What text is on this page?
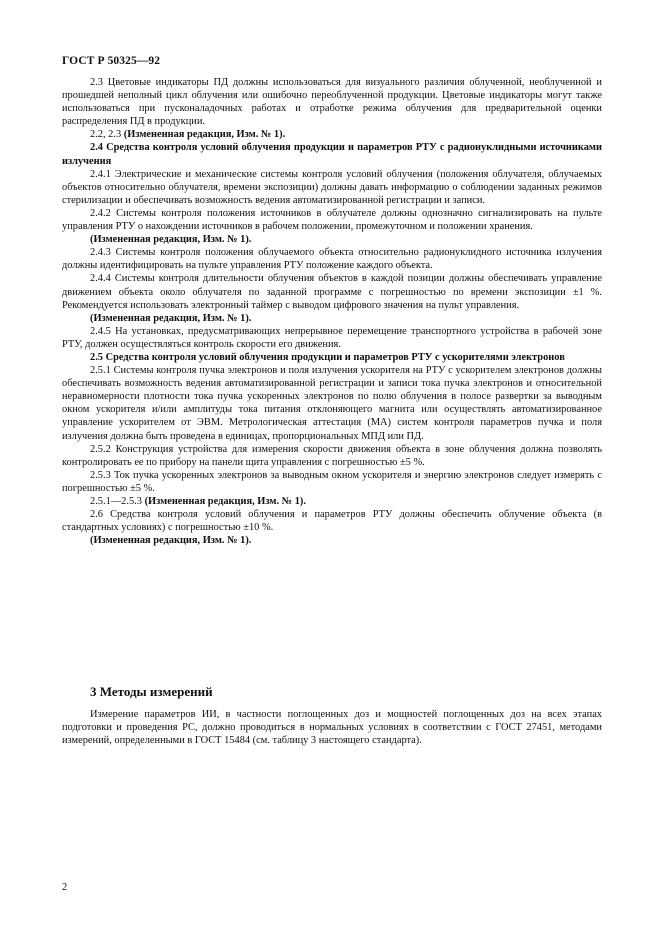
ГОСТ Р 50325—92

2.3 Цветовые индикаторы ПД должны использоваться для визуального различия облученной, необлученной и прошедшей неполный цикл облучения или ошибочно переоблученной продукции. Цветовые индикаторы могут также использоваться при пусконаладочных работах и отработке режима облучения для предварительной оценки распределения ПД в продукции.

2.2, 2.3 (Измененная редакция, Изм. № 1).

2.4 Средства контроля условий облучения продукции и параметров РТУ с радионуклидными источниками излучения

2.4.1 Электрические и механические системы контроля условий облучения (положения облучателя, облучаемых объектов относительно облучателя, времени экспозиции) должны давать информацию о соблюдении заданных режимов стерилизации и обеспечивать возможность ведения автоматизированной регистрации и записи.

2.4.2 Системы контроля положения источников в облучателе должны однозначно сигнализировать на пульте управления РТУ о нахождении источников в рабочем положении, промежуточном и положении хранения.

(Измененная редакция, Изм. № 1).

2.4.3 Системы контроля положения облучаемого объекта относительно радионуклидного источника излучения должны идентифицировать на пульте управления РТУ положение каждого объекта.

2.4.4 Системы контроля длительности облучения объектов в каждой позиции должны обеспечивать управление движением объекта около облучателя по заданной программе с погрешностью по времени экспозиции ±1 %. Рекомендуется использовать электронный таймер с выводом цифрового значения на пульт управления.

(Измененная редакция, Изм. № 1).

2.4.5 На установках, предусматривающих непрерывное перемещение транспортного устройства в рабочей зоне РТУ, должен осуществляться контроль скорости его движения.

2.5 Средства контроля условий облучения продукции и параметров РТУ с ускорителями электронов

2.5.1 Системы контроля пучка электронов и поля излучения ускорителя на РТУ с ускорителем электронов должны обеспечивать возможность ведения автоматизированной регистрации и записи тока пучка электронов и относительной неравномерности плотности тока пучка ускоренных электронов по полю облучения в полосе развертки за выводным окном ускорителя и/или амплитуды тока питания отклоняющего магнита или осуществлять автоматизированное управление ускорителем от ЭВМ. Метрологическая аттестация (МА) систем контроля параметров пучка и поля излучения должна быть проведена в единицах, пропорциональных МПД или ПД.

2.5.2 Конструкция устройства для измерения скорости движения объекта в зоне облучения должна позволять контролировать ее по прибору на панели щита управления с погрешностью ±5 %.

2.5.3 Ток пучка ускоренных электронов за выводным окном ускорителя и энергию электронов следует измерять с погрешностью ±5 %.

2.5.1—2.5.3 (Измененная редакция, Изм. № 1).

2.6 Средства контроля условий облучения и параметров РТУ должны обеспечить облучение объекта (в стандартных условиях) с погрешностью ±10 %.

(Измененная редакция, Изм. № 1).

3 Методы измерений

Измерение параметров ИИ, в частности поглощенных доз и мощностей поглощенных доз на всех этапах подготовки и проведения РС, должно проводиться в нормальных условиях в соответствии с ГОСТ 27451, методами измерений, определенными в ГОСТ 15484 (см. таблицу 3 настоящего стандарта).

2
